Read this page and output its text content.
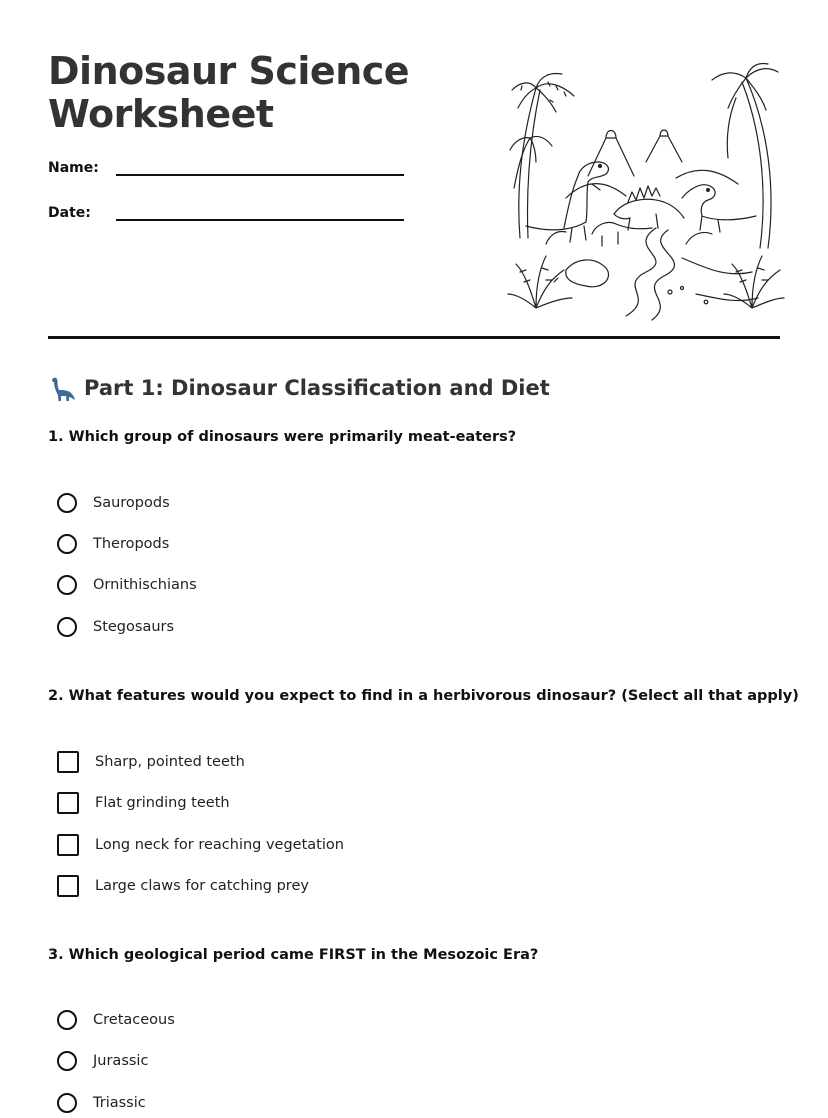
Dinosaur Science
Worksheet
Name:
Date:
Part 1: Dinosaur Classification and Diet
1. Which group of dinosaurs were primarily meat-eaters?
Sauropods
Theropods
Ornithischians
Stegosaurs
2. What features would you expect to find in a herbivorous dinosaur? (Select all that apply)
Sharp, pointed teeth
Flat grinding teeth
Long neck for reaching vegetation
Large claws for catching prey
3. Which geological period came FIRST in the Mesozoic Era?
Cretaceous
Jurassic
Triassic
